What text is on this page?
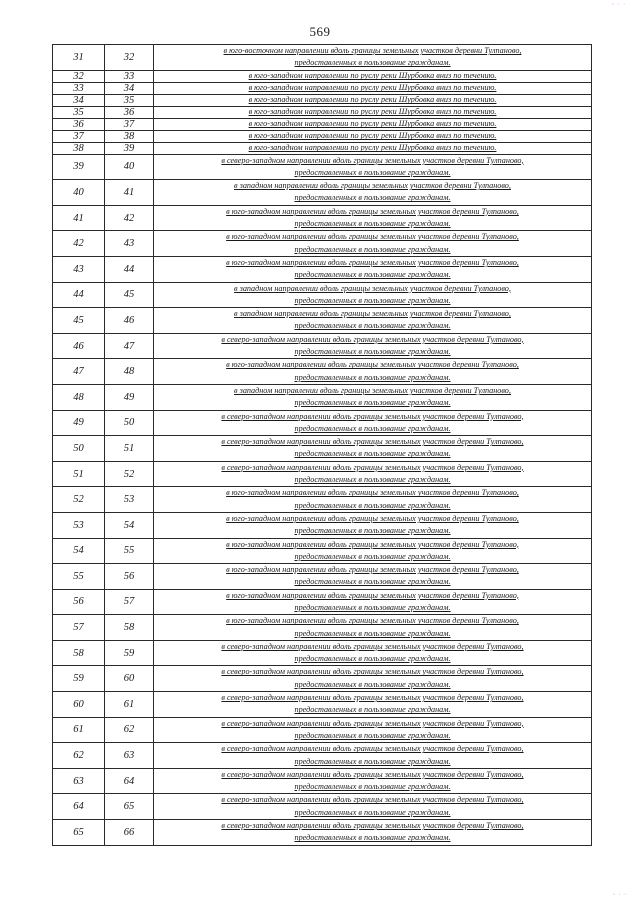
◦ · ·
569
31	32	в юго-восточном направлении вдоль границы земельных участков деревни Тулпаново,
предоставленных в пользование гражданам.

32	33	в юго-западном направлении по руслу реки Шурбовка вниз по течению.

33	34	в юго-западном направлении по руслу реки Шурбовка вниз по течению.

34	35	в юго-западном направлении по руслу реки Шурбовка вниз по течению.

35	36	в юго-западном направлении по руслу реки Шурбовка вниз по течению.

36	37	в юго-западном направлении по руслу реки Шурбовка вниз по течению.

37	38	в юго-западном направлении по руслу реки Шурбовка вниз по течению.

38	39	в юго-западном направлении по руслу реки Шурбовка вниз по течению.

39	40	в северо-западном направлении вдоль границы земельных участков деревни Тулпаново,
предоставленных в пользование гражданам.

40	41	в западном направлении вдоль границы земельных участков деревни Тулпаново,
предоставленных в пользование гражданам.

41	42	в юго-западном направлении вдоль границы земельных участков деревни Тулпаново,
предоставленных в пользование гражданам.

42	43	в юго-западном направлении вдоль границы земельных участков деревни Тулпаново,
предоставленных в пользование гражданам.

43	44	в юго-западном направлении вдоль границы земельных участков деревни Тулпаново,
предоставленных в пользование гражданам.

44	45	в западном направлении вдоль границы земельных участков деревни Тулпаново,
предоставленных в пользование гражданам.

45	46	в западном направлении вдоль границы земельных участков деревни Тулпаново,
предоставленных в пользование гражданам.

46	47	в северо-западном направлении вдоль границы земельных участков деревни Тулпаново,
предоставленных в пользование гражданам.

47	48	в юго-западном направлении вдоль границы земельных участков деревни Тулпаново,
предоставленных в пользование гражданам.

48	49	в западном направлении вдоль границы земельных участков деревни Тулпаново,
предоставленных в пользование гражданам.

49	50	в северо-западном направлении вдоль границы земельных участков деревни Тулпаново,
предоставленных в пользование гражданам.

50	51	в северо-западном направлении вдоль границы земельных участков деревни Тулпаново,
предоставленных в пользование гражданам.

51	52	в северо-западном направлении вдоль границы земельных участков деревни Тулпаново,
предоставленных в пользование гражданам.

52	53	в юго-западном направлении вдоль границы земельных участков деревни Тулпаново,
предоставленных в пользование гражданам.

53	54	в юго-западном направлении вдоль границы земельных участков деревни Тулпаново,
предоставленных в пользование гражданам.

54	55	в юго-западном направлении вдоль границы земельных участков деревни Тулпаново,
предоставленных в пользование гражданам.

55	56	в юго-западном направлении вдоль границы земельных участков деревни Тулпаново,
предоставленных в пользование гражданам.

56	57	в юго-западном направлении вдоль границы земельных участков деревни Тулпаново,
предоставленных в пользование гражданам.

57	58	в юго-западном направлении вдоль границы земельных участков деревни Тулпаново,
предоставленных в пользование гражданам.

58	59	в северо-западном направлении вдоль границы земельных участков деревни Тулпаново,
предоставленных в пользование гражданам.

59	60	в северо-западном направлении вдоль границы земельных участков деревни Тулпаново,
предоставленных в пользование гражданам.

60	61	в северо-западном направлении вдоль границы земельных участков деревни Тулпаново,
предоставленных в пользование гражданам.

61	62	в северо-западном направлении вдоль границы земельных участков деревни Тулпаново,
предоставленных в пользование гражданам.

62	63	в северо-западном направлении вдоль границы земельных участков деревни Тулпаново,
предоставленных в пользование гражданам.

63	64	в северо-западном направлении вдоль границы земельных участков деревни Тулпаново,
предоставленных в пользование гражданам.

64	65	в северо-западном направлении вдоль границы земельных участков деревни Тулпаново,
предоставленных в пользование гражданам.

65	66	в северо-западном направлении вдоль границы земельных участков деревни Тулпаново,
предоставленных в пользование гражданам.
◦ · ·
